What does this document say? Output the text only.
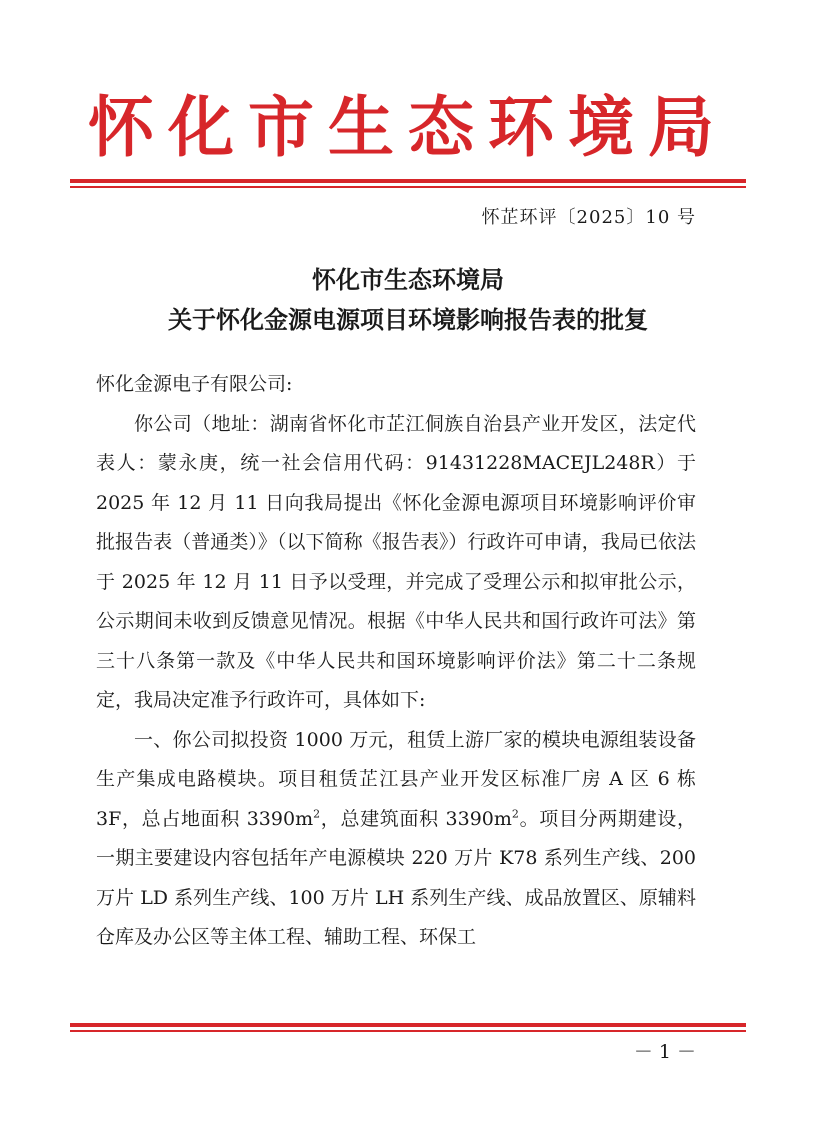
怀化市生态环境局
怀芷环评〔2025〕10 号
怀化市生态环境局
关于怀化金源电源项目环境影响报告表的批复

怀化金源电子有限公司:

你公司（地址：湖南省怀化市芷江侗族自治县产业开发区，法定代表人：蒙永庚，统一社会信用代码：91431228MACEJL248R）于 2025 年 12 月 11 日向我局提出《怀化金源电源项目环境影响评价审批报告表（普通类）》（以下简称《报告表》）行政许可申请，我局已依法于 2025 年 12 月 11 日予以受理，并完成了受理公示和拟审批公示，公示期间未收到反馈意见情况。根据《中华人民共和国行政许可法》第三十八条第一款及《中华人民共和国环境影响评价法》第二十二条规定，我局决定准予行政许可，具体如下:

一、你公司拟投资 1000 万元，租赁上游厂家的模块电源组装设备生产集成电路模块。项目租赁芷江县产业开发区标准厂房 A 区 6 栋 3F，总占地面积 $3390m^2$，总建筑面积 $3390m^2$。项目分两期建设，一期主要建设内容包括年产电源模块 220 万片 K78 系列生产线、200 万片 LD 系列生产线、100 万片 LH 系列生产线、成品放置区、原辅料仓库及办公区等主体工程、辅助工程、环保工

－ 1 －
